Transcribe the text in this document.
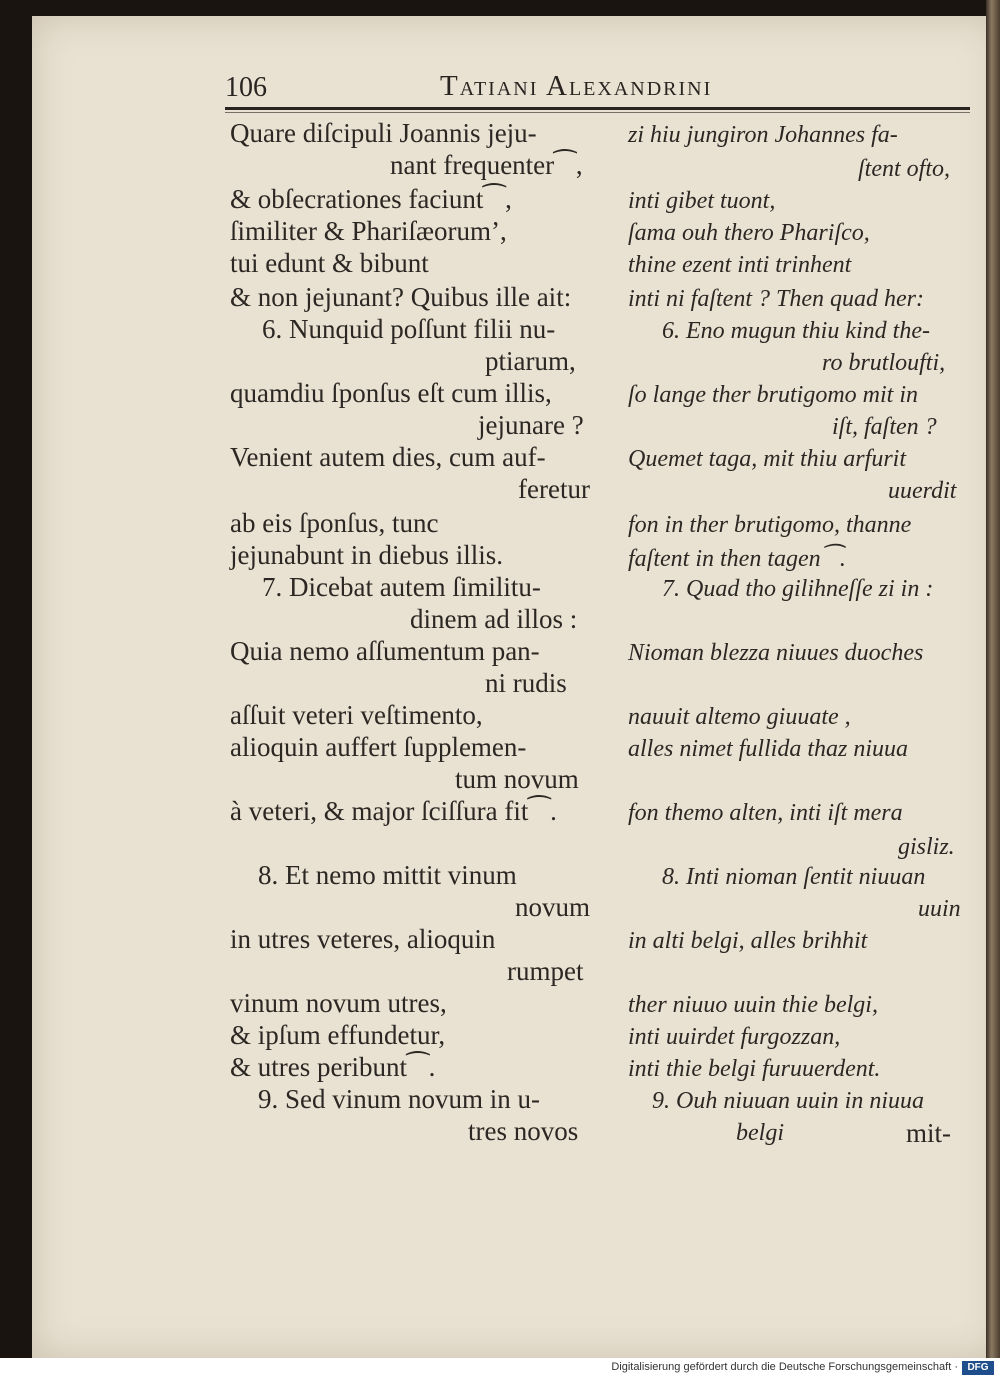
106	Tatiani Alexandrini
Quare diſcipuli Joannis jeju-
nant frequenter⁀,
& obſecrationes faciunt⁀,
ſimiliter & Phariſæorum’,
tui edunt & bibunt
& non jejunant? Quibus ille ait:
6. Nunquid poſſunt filii nu-
ptiarum,
quamdiu ſponſus eſt cum illis,
jejunare ?
Venient autem dies, cum auf-
feretur
ab eis ſponſus, tunc
jejunabunt in diebus illis.
7. Dicebat autem ſimilitu-
dinem ad illos :
Quia nemo aſſumentum pan-
ni rudis
aſſuit veteri veſtimento,
alioquin auffert ſupplemen-
tum novum
à veteri, & major ſciſſura fit⁀.
8. Et nemo mittit vinum
novum
in utres veteres, alioquin
rumpet
vinum novum utres,
& ipſum effundetur,
& utres peribunt⁀.
9. Sed vinum novum in u-
tres novos
zi hiu jungiron Johannes fa-
ſtent ofto,
inti gibet tuont,
ſama ouh thero Phariſco,
thine ezent inti trinhent
inti ni faſtent ? Then quad her:
6. Eno mugun thiu kind the-
ro brutloufti,
ſo lange ther brutigomo mit in
iſt, faſten ?
Quemet taga, mit thiu arfurit
uuerdit
fon in ther brutigomo, thanne
faſtent in then tagen⁀.
7. Quad tho gilihneſſe zi in :
Nioman blezza niuues duoches
nauuit altemo giuuate ,
alles nimet fullida thaz niuua
fon themo alten, inti iſt mera
gisliz.
8. Inti nioman ſentit niuuan
uuin
in alti belgi, alles brihhit
ther niuuo uuin thie belgi,
inti uuirdet furgozzan,
inti thie belgi furuuerdent.
9. Ouh niuuan uuin in niuua
belgi	mit-
Digitalisierung gefördert durch die Deutsche Forschungsgemeinschaft · DFG
